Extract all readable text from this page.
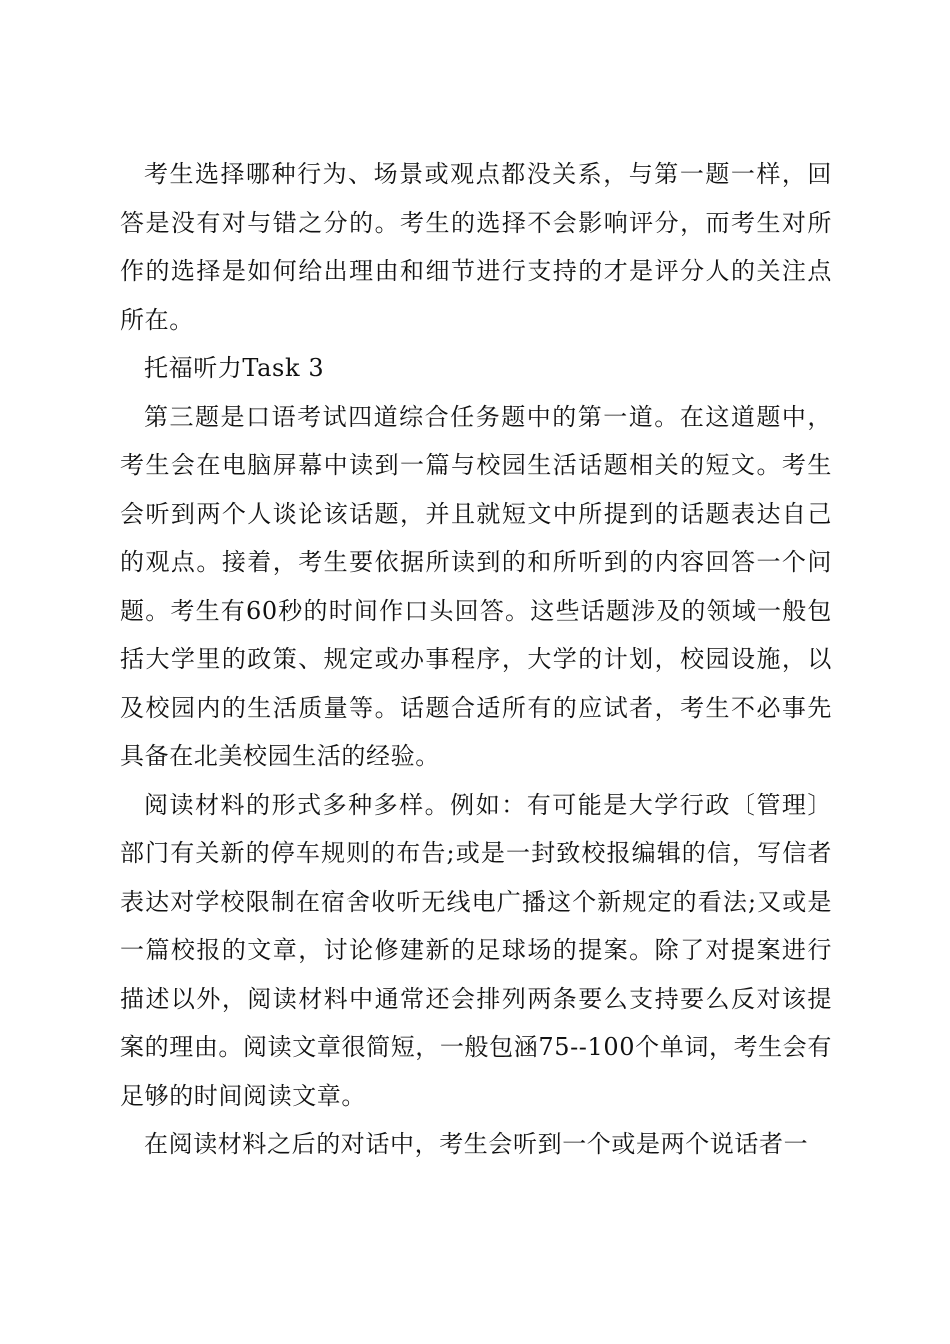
考生选择哪种行为、场景或观点都没关系，与第一题一样，回答是没有对与错之分的。考生的选择不会影响评分，而考生对所作的选择是如何给出理由和细节进行支持的才是评分人的关注点所在。

托福听力Task 3

第三题是口语考试四道综合任务题中的第一道。在这道题中，考生会在电脑屏幕中读到一篇与校园生活话题相关的短文。考生会听到两个人谈论该话题，并且就短文中所提到的话题表达自己的观点。接着，考生要依据所读到的和所听到的内容回答一个问题。考生有60秒的时间作口头回答。这些话题涉及的领域一般包括大学里的政策、规定或办事程序，大学的计划，校园设施，以及校园内的生活质量等。话题合适所有的应试者，考生不必事先具备在北美校园生活的经验。

阅读材料的形式多种多样。例如：有可能是大学行政〔管理〕部门有关新的停车规则的布告;或是一封致校报编辑的信，写信者表达对学校限制在宿舍收听无线电广播这个新规定的看法;又或是一篇校报的文章，讨论修建新的足球场的提案。除了对提案进行描述以外，阅读材料中通常还会排列两条要么支持要么反对该提案的理由。阅读文章很简短，一般包涵75--100个单词，考生会有足够的时间阅读文章。

在阅读材料之后的对话中，考生会听到一个或是两个说话者一
